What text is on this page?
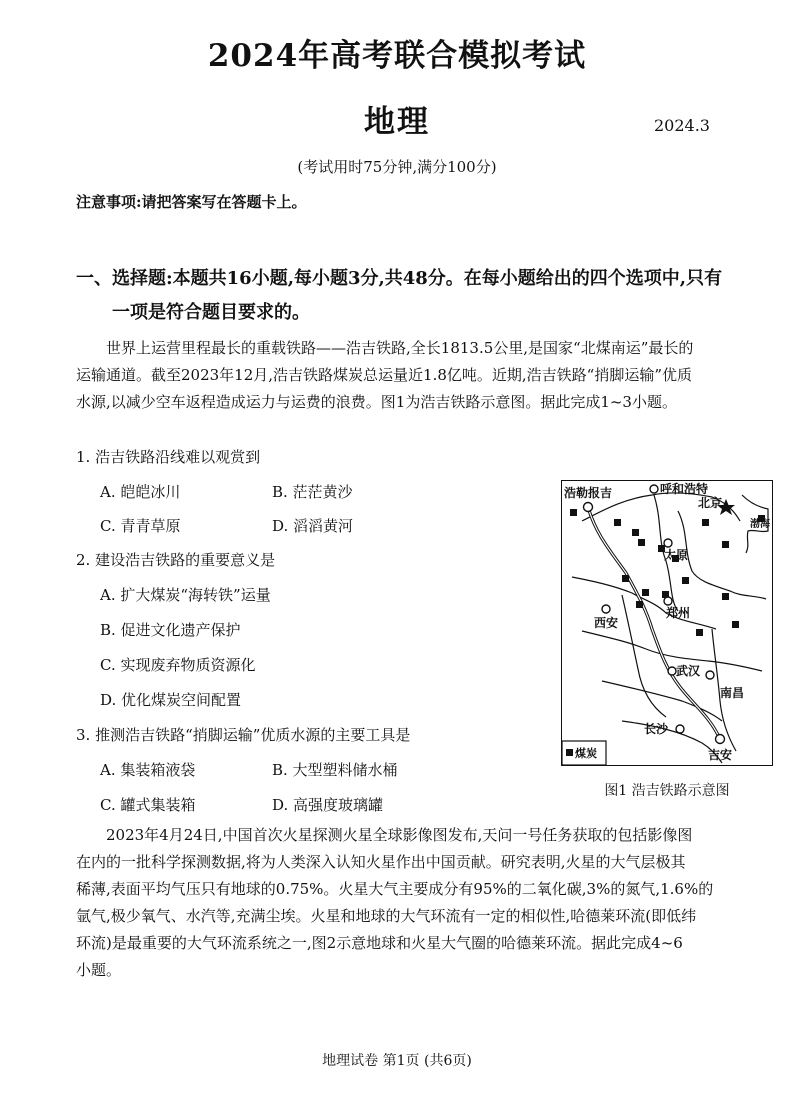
2024年高考联合模拟考试
地理	2024.3
(考试用时75分钟,满分100分)
注意事项:请把答案写在答题卡上。
一、选择题:本题共16小题,每小题3分,共48分。在每小题给出的四个选项中,只有
一项是符合题目要求的。
世界上运营里程最长的重载铁路——浩吉铁路,全长1813.5公里,是国家“北煤南运”最长的
运输通道。截至2023年12月,浩吉铁路煤炭总运量近1.8亿吨。近期,浩吉铁路“捎脚运输”优质
水源,以减少空车返程造成运力与运费的浪费。图1为浩吉铁路示意图。据此完成1~3小题。
1. 浩吉铁路沿线难以观赏到
A. 皑皑冰川	B. 茫茫黄沙
C. 青青草原	D. 滔滔黄河
2. 建设浩吉铁路的重要意义是
A. 扩大煤炭“海转铁”运量
B. 促进文化遗产保护
C. 实现废弃物质资源化
D. 优化煤炭空间配置
3. 推测浩吉铁路“捎脚运输”优质水源的主要工具是
A. 集装箱液袋	B. 大型塑料储水桶
C. 罐式集装箱	D. 高强度玻璃罐
浩勒报吉	呼和浩特
北京
渤海
太原
郑州
西安
武汉
南昌
长沙
吉安
煤炭
图1 浩吉铁路示意图
2023年4月24日,中国首次火星探测火星全球影像图发布,天问一号任务获取的包括影像图
在内的一批科学探测数据,将为人类深入认知火星作出中国贡献。研究表明,火星的大气层极其
稀薄,表面平均气压只有地球的0.75%。火星大气主要成分有95%的二氧化碳,3%的氮气,1.6%的
氩气,极少氧气、水汽等,充满尘埃。火星和地球的大气环流有一定的相似性,哈德莱环流(即低纬
环流)是最重要的大气环流系统之一,图2示意地球和火星大气圈的哈德莱环流。据此完成4~6
小题。
地理试卷 第1页 (共6页)
